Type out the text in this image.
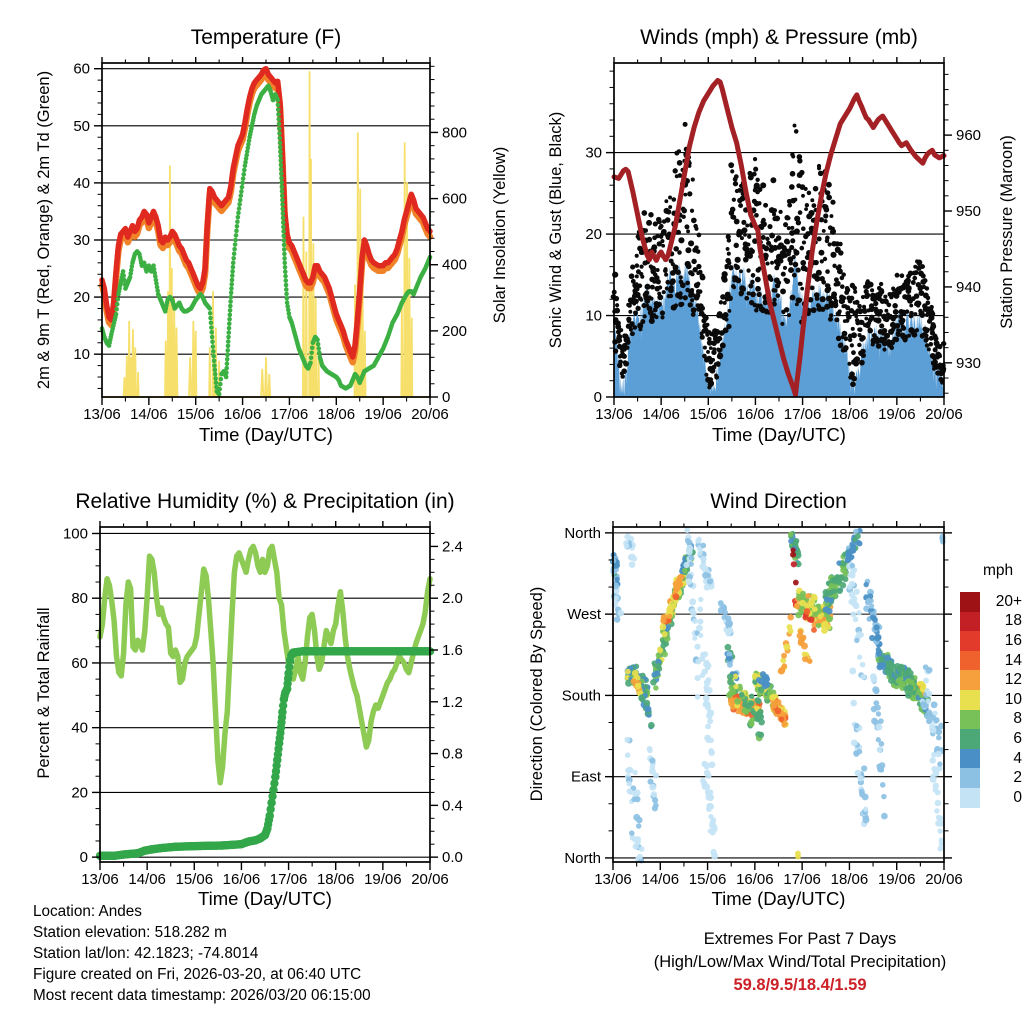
13/06 14/06 15/06 16/06 17/06 18/06 19/06 20/06
10
20
30
40
50
60
0
200
400
600
800
13/06 14/06 15/06 16/06 17/06 18/06 19/06 20/06
0
10
20
30
930
940
950
960
13/06 14/06 15/06 16/06 17/06 18/06 19/06 20/06
0
20
40
60
80
100
0.0
0.4
0.8
1.2
1.6
2.0
2.4
13/06 14/06 15/06 16/06 17/06 18/06 19/06 20/06
North
East
South
West
North
Temperature (F)	Winds (mph) & Pressure (mb)
Relative Humidity (%) & Precipitation (in)	Wind Direction
Time (Day/UTC)	Time (Day/UTC)
Time (Day/UTC)	Time (Day/UTC)
2m & 9m T (Red, Orange) & 2m Td (Green)	Solar Insolation (Yellow) Sonic Wind & Gust (Blue, Black)	Station Pressure (Maroon)
Percent & Total Rainfall	Direction (Colored By Speed)
mph
20+
18
16
14
12
10
8
6
4
2
0
Location: Andes
Station elevation: 518.282 m
Station lat/lon: 42.1823; -74.8014
Figure created on Fri, 2026-03-20, at 06:40 UTC
Most recent data timestamp: 2026/03/20 06:15:00
Extremes For Past 7 Days
(High/Low/Max Wind/Total Precipitation)
59.8/9.5/18.4/1.59
